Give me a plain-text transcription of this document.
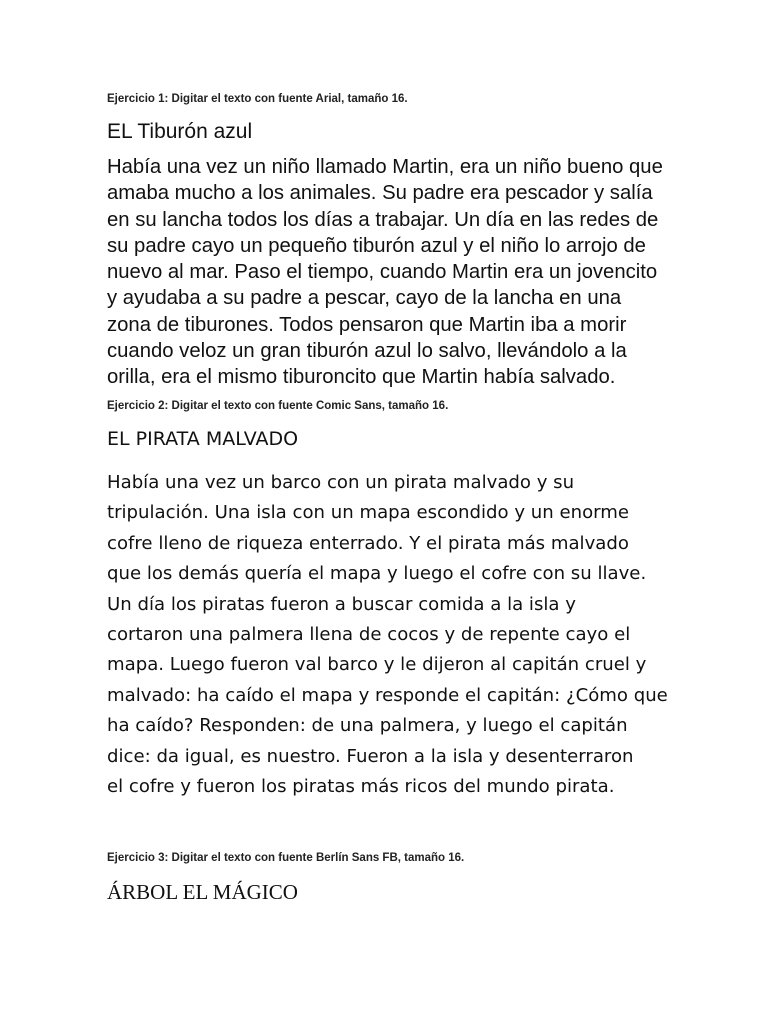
Ejercicio 1: Digitar el texto con fuente Arial, tamaño 16.
EL Tiburón azul
Había una vez un niño llamado Martin, era un niño bueno que
amaba mucho a los animales. Su padre era pescador y salía
en su lancha todos los días a trabajar. Un día en las redes de
su padre cayo un pequeño tiburón azul y el niño lo arrojo de
nuevo al mar. Paso el tiempo, cuando Martin era un jovencito
y ayudaba a su padre a pescar, cayo de la lancha en una
zona de tiburones. Todos pensaron que Martin iba a morir
cuando veloz un gran tiburón azul lo salvo, llevándolo a la
orilla, era el mismo tiburoncito que Martin había salvado.
Ejercicio 2: Digitar el texto con fuente Comic Sans, tamaño 16.
EL PIRATA MALVADO
Había una vez un barco con un pirata malvado y su
tripulación. Una isla con un mapa escondido y un enorme
cofre lleno de riqueza enterrado. Y el pirata más malvado
que los demás quería el mapa y luego el cofre con su llave.
Un día los piratas fueron a buscar comida a la isla y
cortaron una palmera llena de cocos y de repente cayo el
mapa. Luego fueron val barco y le dijeron al capitán cruel y
malvado: ha caído el mapa y responde el capitán: ¿Cómo que
ha caído? Responden: de una palmera, y luego el capitán
dice: da igual, es nuestro. Fueron a la isla y desenterraron
el cofre y fueron los piratas más ricos del mundo pirata.
Ejercicio 3: Digitar el texto con fuente Berlín Sans FB, tamaño 16.
ÁRBOL EL MÁGICO
